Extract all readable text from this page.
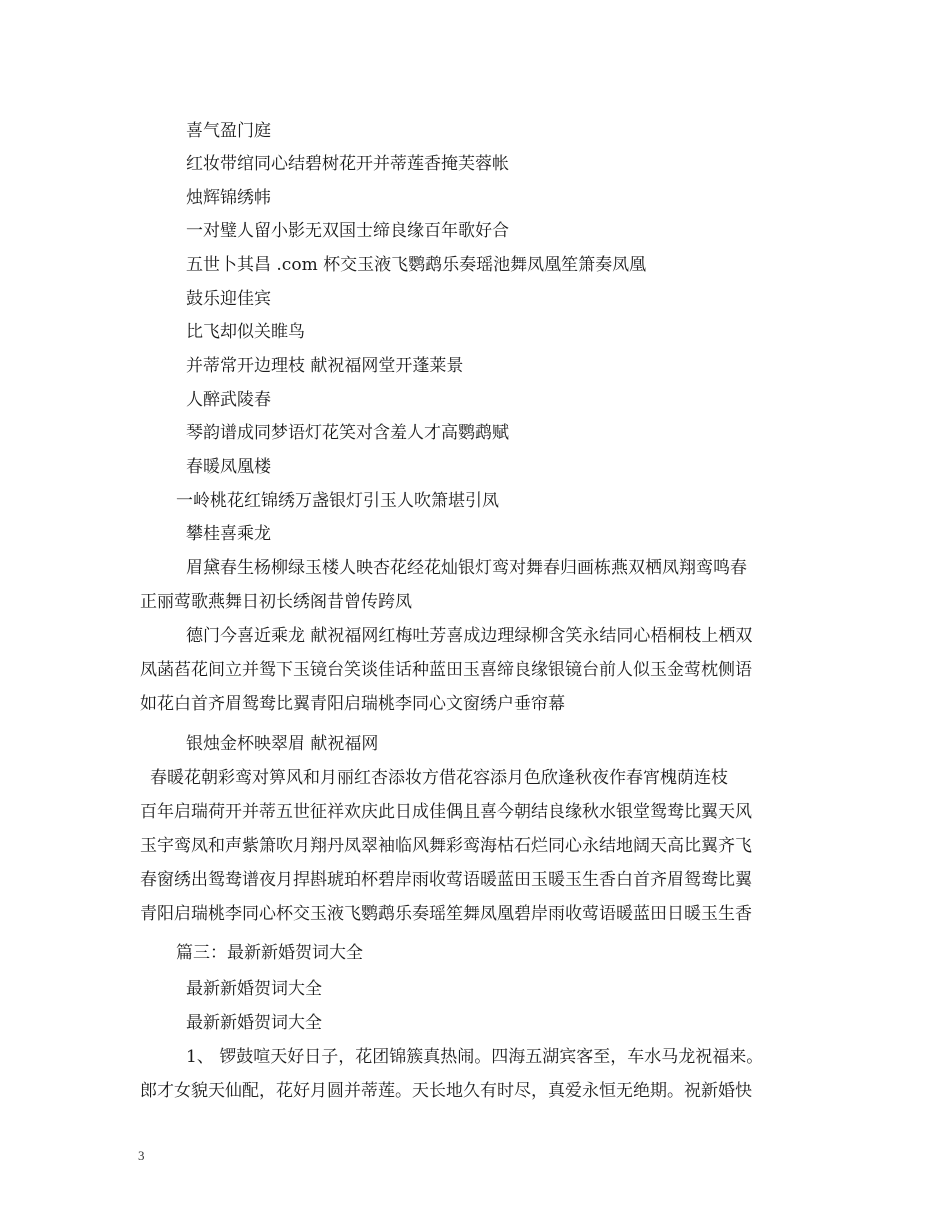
喜气盈门庭
红妆带绾同心结碧树花开并蒂莲香掩芙蓉帐
烛辉锦绣帏
一对璧人留小影无双国士缔良缘百年歌好合
五世卜其昌 .com 杯交玉液飞鹦鹉乐奏瑶池舞凤凰笙箫奏凤凰
鼓乐迎佳宾
比飞却似关睢鸟
并蒂常开边理枝 献祝福网堂开蓬莱景
人醉武陵春
琴韵谱成同梦语灯花笑对含羞人才高鹦鹉赋
春暖凤凰楼
一岭桃花红锦绣万盏银灯引玉人吹箫堪引凤
攀桂喜乘龙
眉黛春生杨柳绿玉楼人映杏花经花灿银灯鸾对舞春归画栋燕双栖凤翔鸾鸣春
正丽莺歌燕舞日初长绣阁昔曾传跨凤
德门今喜近乘龙 献祝福网红梅吐芳喜成边理绿柳含笑永结同心梧桐枝上栖双
凤菡萏花间立并鸳下玉镜台笑谈佳话种蓝田玉喜缔良缘银镜台前人似玉金莺枕侧语
如花白首齐眉鸳鸯比翼青阳启瑞桃李同心文窗绣户垂帘幕
银烛金杯映翠眉 献祝福网
春暖花朝彩鸾对箅风和月丽红杏添妆方借花容添月色欣逢秋夜作春宵槐荫连枝
百年启瑞荷开并蒂五世征祥欢庆此日成佳偶且喜今朝结良缘秋水银堂鸳鸯比翼天风
玉宇鸾凤和声紫箫吹月翔丹凤翠袖临风舞彩鸾海枯石烂同心永结地阔天高比翼齐飞
春窗绣出鸳鸯谱夜月捍斟琥珀杯碧岸雨收莺语暖蓝田玉暖玉生香白首齐眉鸳鸯比翼
青阳启瑞桃李同心杯交玉液飞鹦鹉乐奏瑶笙舞凤凰碧岸雨收莺语暖蓝田日暖玉生香
篇三：最新新婚贺词大全
最新新婚贺词大全
最新新婚贺词大全
1、 锣鼓喧天好日子，花团锦簇真热闹。四海五湖宾客至，车水马龙祝福来。
郎才女貌天仙配，花好月圆并蒂莲。天长地久有时尽，真爱永恒无绝期。祝新婚快
3
